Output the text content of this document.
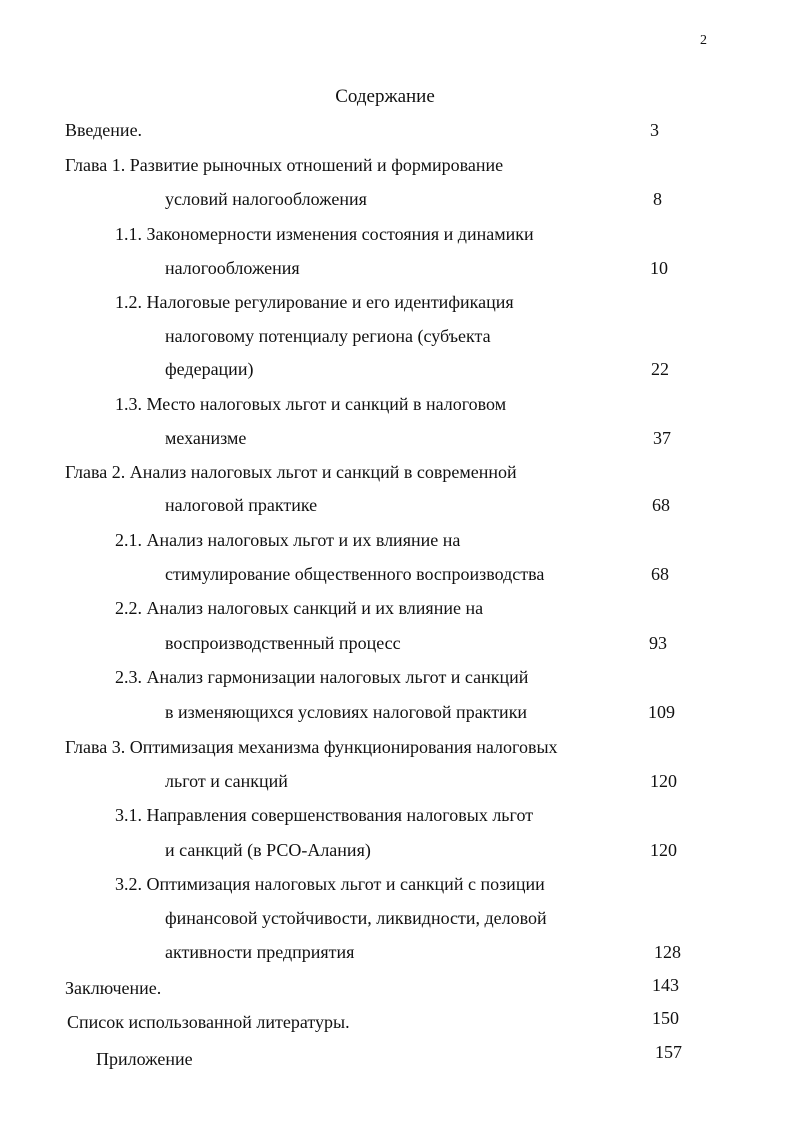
2
Содержание
Введение.	3
Глава 1. Развитие рыночных отношений и формирование
условий налогообложения	8
1.1. Закономерности изменения состояния и динамики
налогообложения	10
1.2. Налоговые регулирование и его идентификация
налоговому потенциалу региона (субъекта
федерации)	22
1.3. Место налоговых льгот и санкций в налоговом
механизме	37
Глава 2. Анализ налоговых льгот и санкций в современной
налоговой практике	68
2.1. Анализ налоговых льгот и их влияние на
стимулирование общественного воспроизводства	68
2.2. Анализ налоговых санкций и их влияние на
воспроизводственный процесс	93
2.3. Анализ гармонизации налоговых льгот и санкций
в изменяющихся условиях налоговой практики	109
Глава 3. Оптимизация механизма функционирования налоговых
льгот и санкций	120
3.1. Направления совершенствования налоговых льгот
и санкций (в РСО-Алания)	120
3.2. Оптимизация налоговых льгот и санкций с позиции
финансовой устойчивости, ликвидности, деловой
активности предприятия	128
Заключение.	143
Список использованной литературы.	150
Приложение	157
